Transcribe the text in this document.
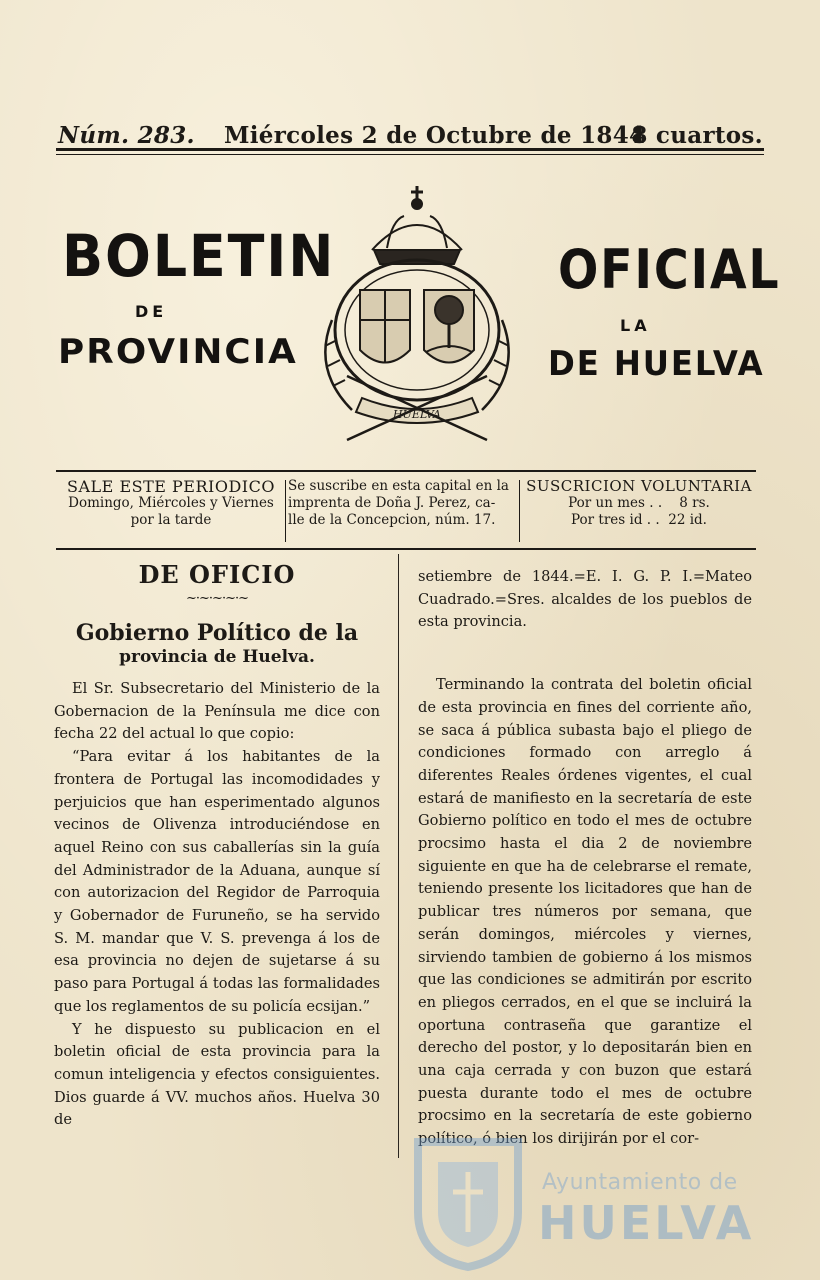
Núm. 283. Miércoles 2 de Octubre de 1844
8 cuartos.
BOLETIN
DE
PROVINCIA
OFICIAL
LA
DE HUELVA
HUELVA
SALE ESTE PERIODICO
Domingo, Miércoles y Viernes
por la tarde
Se suscribe en esta capital en la
imprenta de Doña J. Perez, ca-
lle de la Concepcion, núm. 17.
SUSCRICION VOLUNTARIA
Por un mes . . 8 rs.
Por tres id . . 22 id.
DE OFICIO
~·~·~·~·~
Gobierno Político de la
provincia de Huelva.

El Sr. Subsecretario del Ministerio de la Gobernacion de la Península me dice con fecha 22 del actual lo que copio:

“Para evitar á los habitantes de la frontera de Portugal las incomodidades y perjuicios que han esperimentado algunos vecinos de Olivenza introduciéndose en aquel Reino con sus caballerías sin la guía del Administrador de la Aduana, aunque sí con autorizacion del Regidor de Parroquia y Gobernador de Furuneño, se ha servido S. M. mandar que V. S. prevenga á los de esa provincia no dejen de sujetarse á su paso para Portugal á todas las formalidades que los reglamentos de su policía ecsijan.”

Y he dispuesto su publicacion en el boletin oficial de esta provincia para la comun inteligencia y efectos consiguientes. Dios guarde á VV. muchos años. Huelva 30 de

setiembre de 1844.=E. I. G. P. I.=Mateo Cuadrado.=Sres. alcaldes de los pueblos de esta provincia.

Terminando la contrata del boletin oficial de esta provincia en fines del corriente año, se saca á pública subasta bajo el pliego de condiciones formado con arreglo á diferentes Reales órdenes vigentes, el cual estará de manifiesto en la secretaría de este Gobierno político en todo el mes de octubre procsimo hasta el dia 2 de noviembre siguiente en que ha de celebrarse el remate, teniendo presente los licitadores que han de publicar tres números por semana, que serán domingos, miércoles y viernes, sirviendo tambien de gobierno á los mismos que las condiciones se admitirán por escrito en pliegos cerrados, en el que se incluirá la oportuna contraseña que garantize el derecho del postor, y lo depositarán bien en una caja cerrada y con buzon que estará puesta durante todo el mes de octubre procsimo en la secretaría de este gobierno político, ó bien los dirijirán por el cor-

Ayuntamiento de
HUELVA
